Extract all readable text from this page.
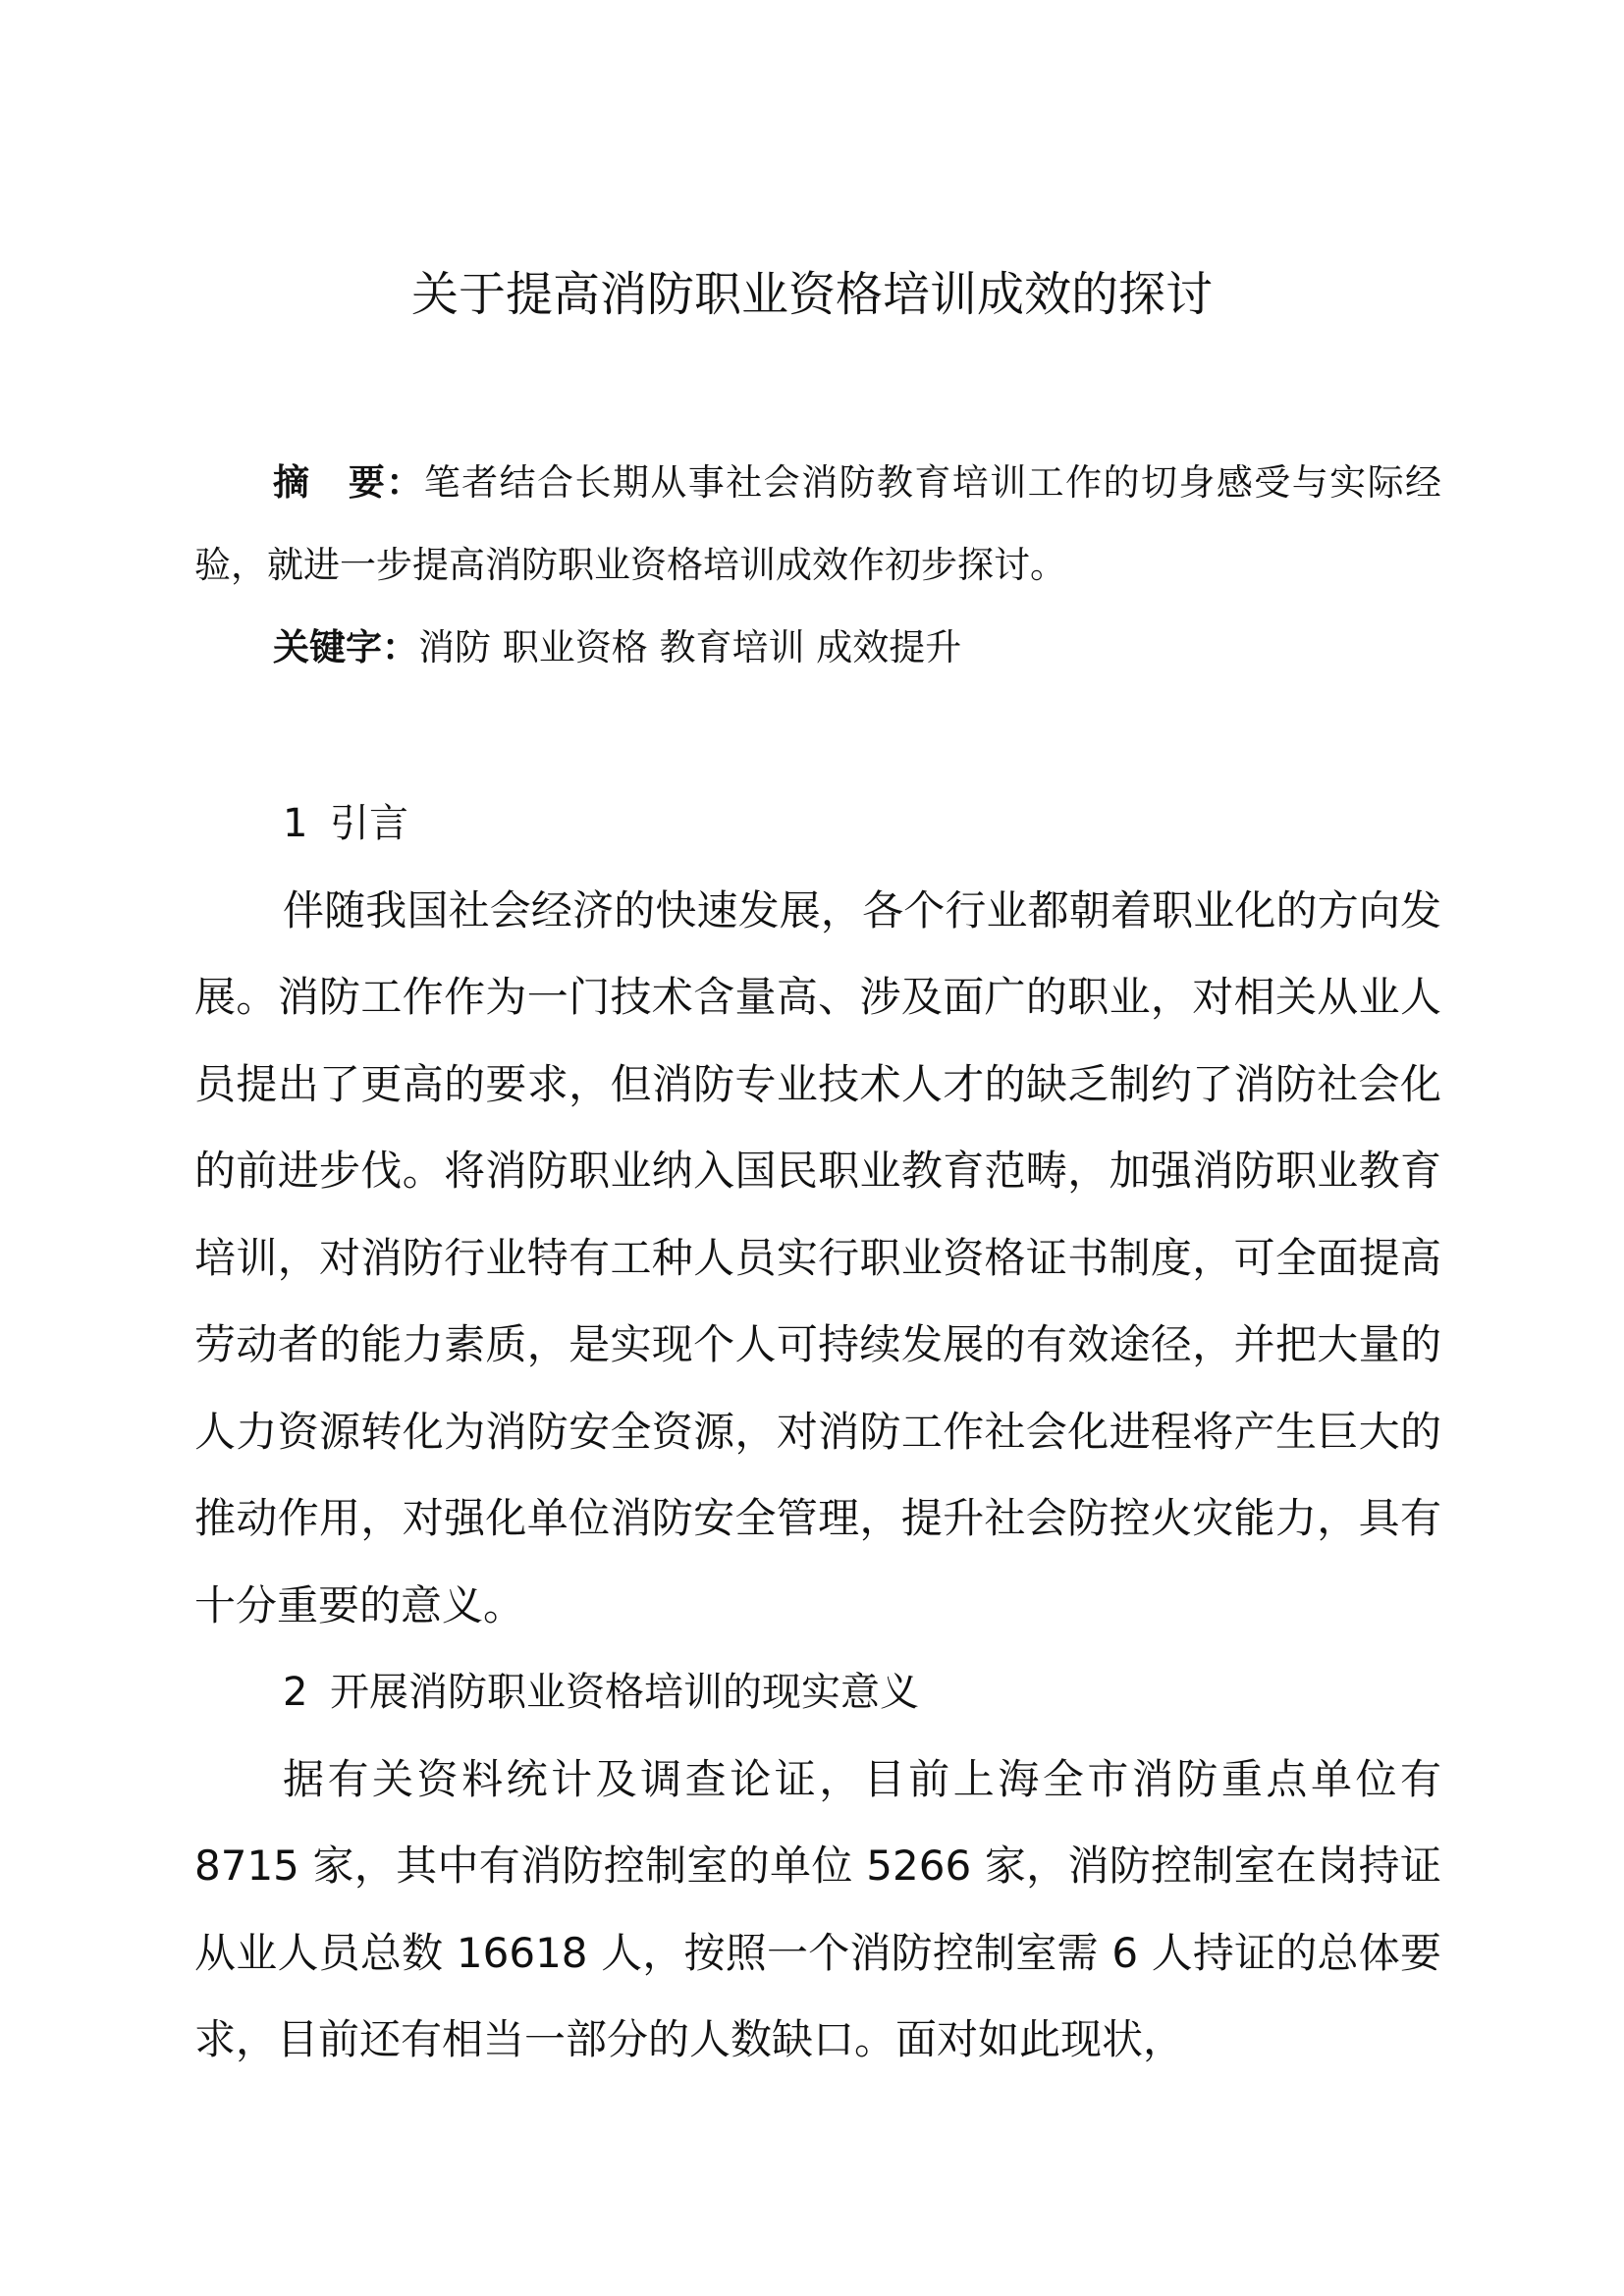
关于提高消防职业资格培训成效的探讨

摘　要：笔者结合长期从事社会消防教育培训工作的切身感受与实际经验，就进一步提高消防职业资格培训成效作初步探讨。

关键字：消防 职业资格 教育培训 成效提升

1 引言

伴随我国社会经济的快速发展，各个行业都朝着职业化的方向发展。消防工作作为一门技术含量高、涉及面广的职业，对相关从业人员提出了更高的要求，但消防专业技术人才的缺乏制约了消防社会化的前进步伐。将消防职业纳入国民职业教育范畴，加强消防职业教育培训，对消防行业特有工种人员实行职业资格证书制度，可全面提高劳动者的能力素质，是实现个人可持续发展的有效途径，并把大量的人力资源转化为消防安全资源，对消防工作社会化进程将产生巨大的推动作用，对强化单位消防安全管理，提升社会防控火灾能力，具有十分重要的意义。

2 开展消防职业资格培训的现实意义

据有关资料统计及调查论证，目前上海全市消防重点单位有 8715 家，其中有消防控制室的单位 5266 家，消防控制室在岗持证从业人员总数 16618 人，按照一个消防控制室需 6 人持证的总体要求，目前还有相当一部分的人数缺口。面对如此现状，
